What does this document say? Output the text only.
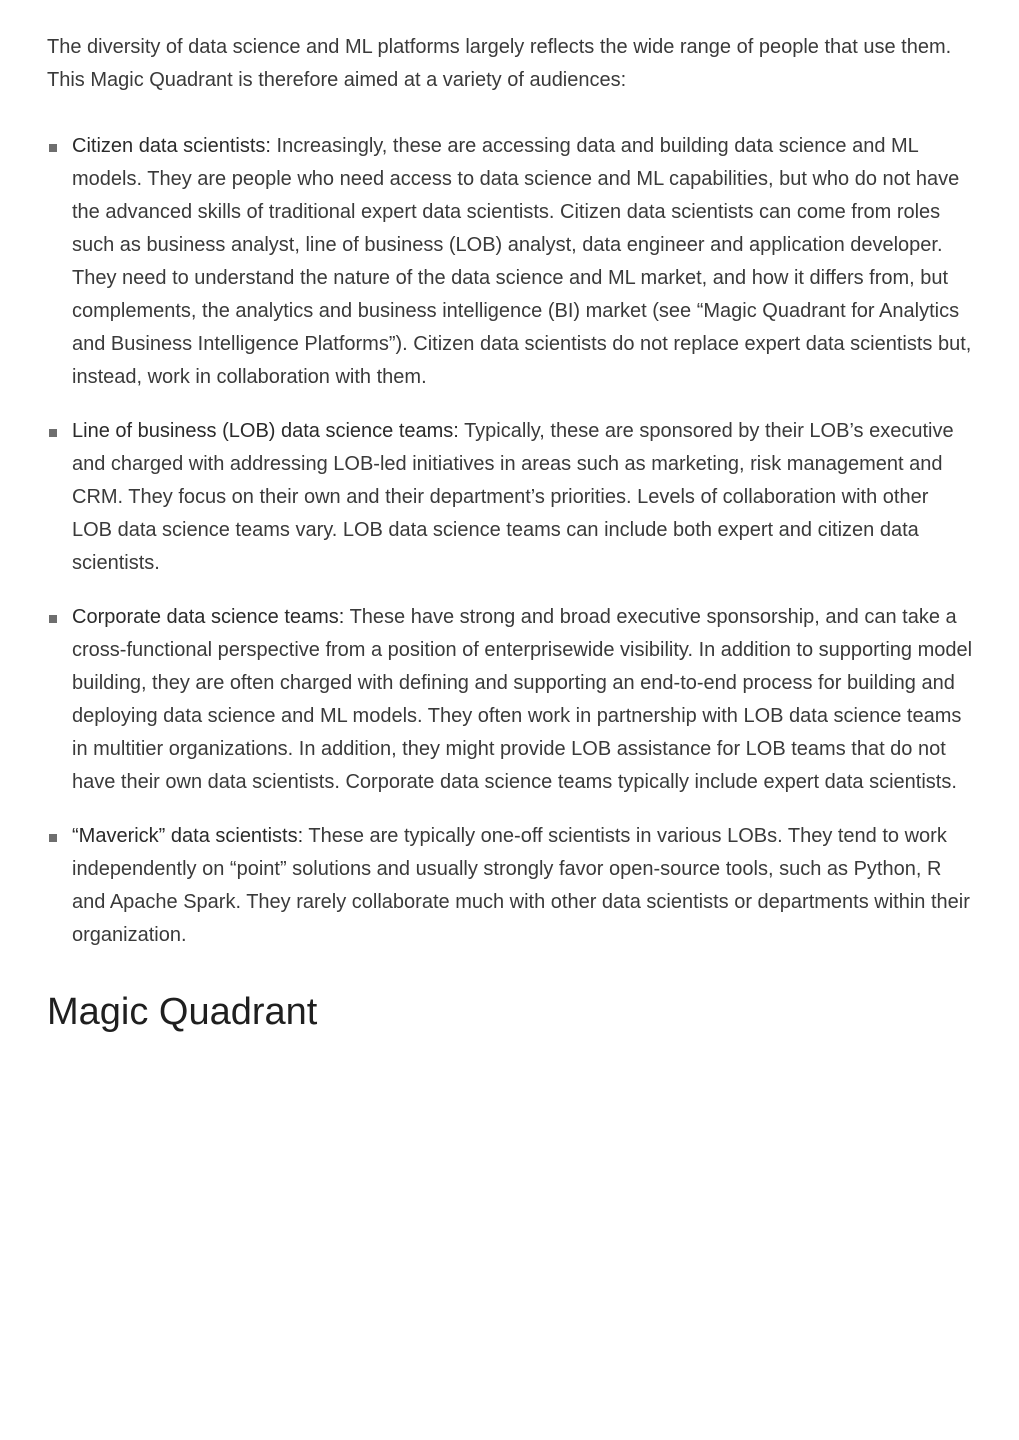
The diversity of data science and ML platforms largely reflects the wide range of people that use them. This Magic Quadrant is therefore aimed at a variety of audiences:

Citizen data scientists: Increasingly, these are accessing data and building data science and ML models. They are people who need access to data science and ML capabilities, but who do not have the advanced skills of traditional expert data scientists. Citizen data scientists can come from roles such as business analyst, line of business (LOB) analyst, data engineer and application developer. They need to understand the nature of the data science and ML market, and how it differs from, but complements, the analytics and business intelligence (BI) market (see “Magic Quadrant for Analytics and Business Intelligence Platforms”). Citizen data scientists do not replace expert data scientists but, instead, work in collaboration with them.
Line of business (LOB) data science teams: Typically, these are sponsored by their LOB’s executive and charged with addressing LOB-led initiatives in areas such as marketing, risk management and CRM. They focus on their own and their department’s priorities. Levels of collaboration with other LOB data science teams vary. LOB data science teams can include both expert and citizen data scientists.
Corporate data science teams: These have strong and broad executive sponsorship, and can take a cross-functional perspective from a position of enterprisewide visibility. In addition to supporting model building, they are often charged with defining and supporting an end-to-end process for building and deploying data science and ML models. They often work in partnership with LOB data science teams in multitier organizations. In addition, they might provide LOB assistance for LOB teams that do not have their own data scientists. Corporate data science teams typically include expert data scientists.
“Maverick” data scientists: These are typically one-off scientists in various LOBs. They tend to work independently on “point” solutions and usually strongly favor open-source tools, such as Python, R and Apache Spark. They rarely collaborate much with other data scientists or departments within their organization.
Magic Quadrant
